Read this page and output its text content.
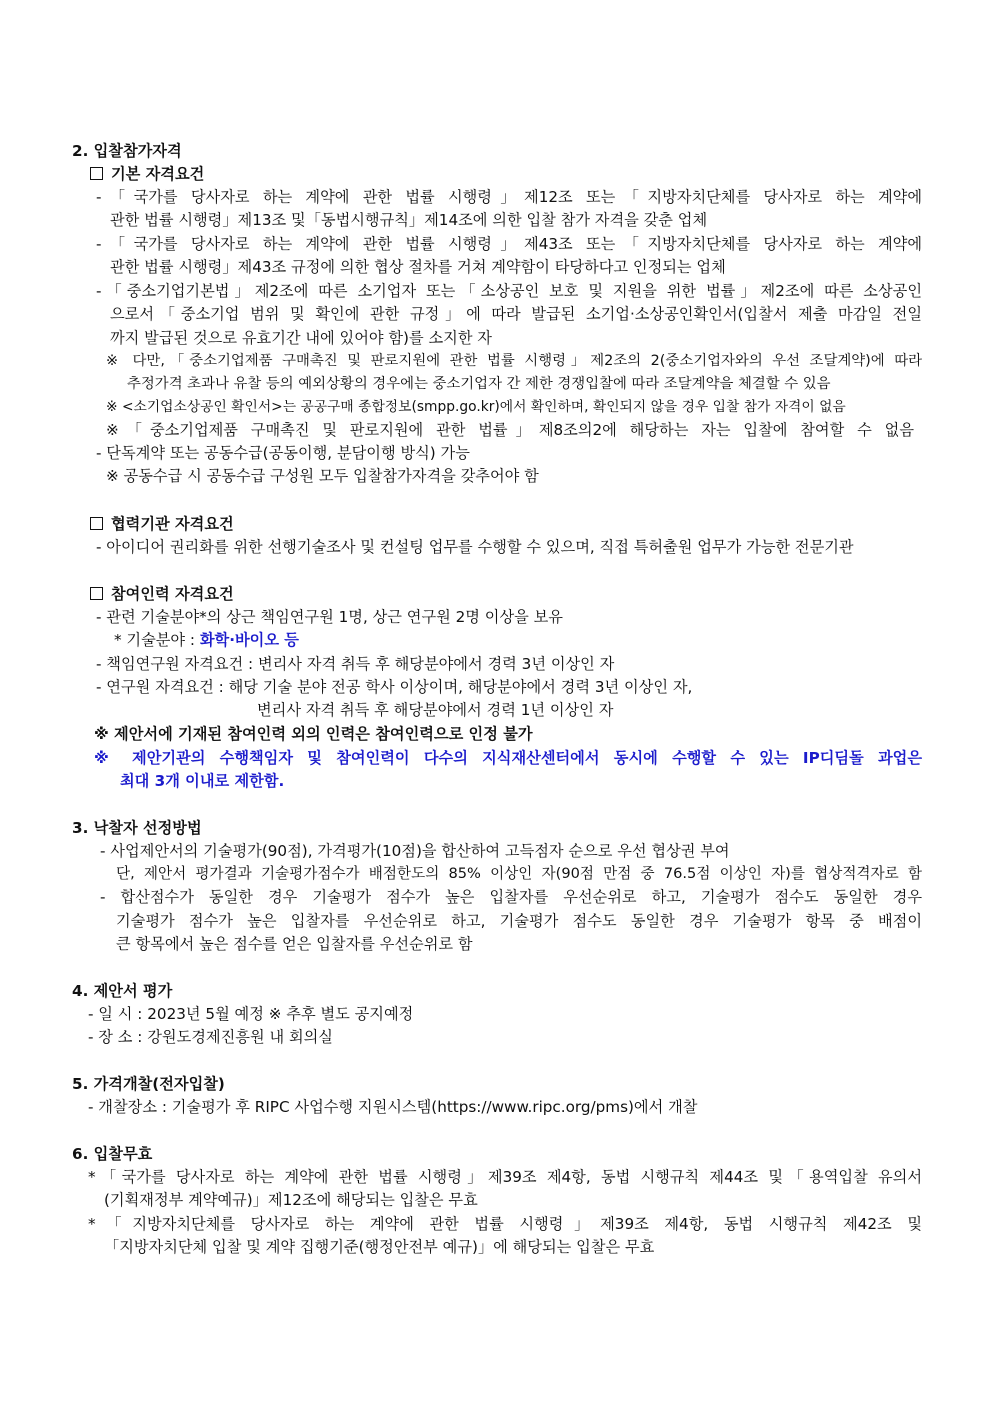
2. 입찰참가자격
기본 자격요건
-「국가를 당사자로 하는 계약에 관한 법률 시행령」제12조 또는「지방자치단체를 당사자로 하는 계약에
관한 법률 시행령」제13조 및「동법시행규칙」제14조에 의한 입찰 참가 자격을 갖춘 업체
-「국가를 당사자로 하는 계약에 관한 법률 시행령」제43조 또는「지방자치단체를 당사자로 하는 계약에
관한 법률 시행령」제43조 규정에 의한 협상 절차를 거쳐 계약함이 타당하다고 인정되는 업체
-「중소기업기본법」제2조에 따른 소기업자 또는「소상공인 보호 및 지원을 위한 법률」제2조에 따른 소상공인
으로서「중소기업 범위 및 확인에 관한 규정」에 따라 발급된 소기업·소상공인확인서(입찰서 제출 마감일 전일
까지 발급된 것으로 유효기간 내에 있어야 함)를 소지한 자
※ 다만,「중소기업제품 구매촉진 및 판로지원에 관한 법률 시행령」제2조의 2(중소기업자와의 우선 조달계약)에 따라
추정가격 초과나 유찰 등의 예외상황의 경우에는 중소기업자 간 제한 경쟁입찰에 따라 조달계약을 체결할 수 있음
※ <소기업소상공인 확인서>는 공공구매 종합정보(smpp.go.kr)에서 확인하며, 확인되지 않을 경우 입찰 참가 자격이 없음
※「중소기업제품 구매촉진 및 판로지원에 관한 법률」제8조의2에 해당하는 자는 입찰에 참여할 수 없음
- 단독계약 또는 공동수급(공동이행, 분담이행 방식) 가능
※ 공동수급 시 공동수급 구성원 모두 입찰참가자격을 갖추어야 함
협력기관 자격요건
- 아이디어 권리화를 위한 선행기술조사 및 컨설팅 업무를 수행할 수 있으며, 직접 특허출원 업무가 가능한 전문기관
참여인력 자격요건
- 관련 기술분야*의 상근 책임연구원 1명, 상근 연구원 2명 이상을 보유
* 기술분야 : 화학·바이오 등
- 책임연구원 자격요건 : 변리사 자격 취득 후 해당분야에서 경력 3년 이상인 자
- 연구원 자격요건 : 해당 기술 분야 전공 학사 이상이며, 해당분야에서 경력 3년 이상인 자,
변리사 자격 취득 후 해당분야에서 경력 1년 이상인 자
※ 제안서에 기재된 참여인력 외의 인력은 참여인력으로 인정 불가
※ 제안기관의 수행책임자 및 참여인력이 다수의 지식재산센터에서 동시에 수행할 수 있는 IP디딤돌 과업은
최대 3개 이내로 제한함.
3. 낙찰자 선정방법
- 사업제안서의 기술평가(90점), 가격평가(10점)을 합산하여 고득점자 순으로 우선 협상권 부여
단, 제안서 평가결과 기술평가점수가 배점한도의 85% 이상인 자(90점 만점 중 76.5점 이상인 자)를 협상적격자로 함
- 합산점수가 동일한 경우 기술평가 점수가 높은 입찰자를 우선순위로 하고, 기술평가 점수도 동일한 경우
기술평가 점수가 높은 입찰자를 우선순위로 하고, 기술평가 점수도 동일한 경우 기술평가 항목 중 배점이
큰 항목에서 높은 점수를 얻은 입찰자를 우선순위로 함
4. 제안서 평가
- 일 시 : 2023년 5월 예정 ※ 추후 별도 공지예정
- 장 소 : 강원도경제진흥원 내 회의실
5. 가격개찰(전자입찰)
- 개찰장소 : 기술평가 후 RIPC 사업수행 지원시스템(https://www.ripc.org/pms)에서 개찰
6. 입찰무효
*「국가를 당사자로 하는 계약에 관한 법률 시행령」제39조 제4항, 동법 시행규칙 제44조 및「용역입찰 유의서
(기획재정부 계약예규)」제12조에 해당되는 입찰은 무효
*「지방자치단체를 당사자로 하는 계약에 관한 법률 시행령」제39조 제4항, 동법 시행규칙 제42조 및
「지방자치단체 입찰 및 계약 집행기준(행정안전부 예규)」에 해당되는 입찰은 무효
